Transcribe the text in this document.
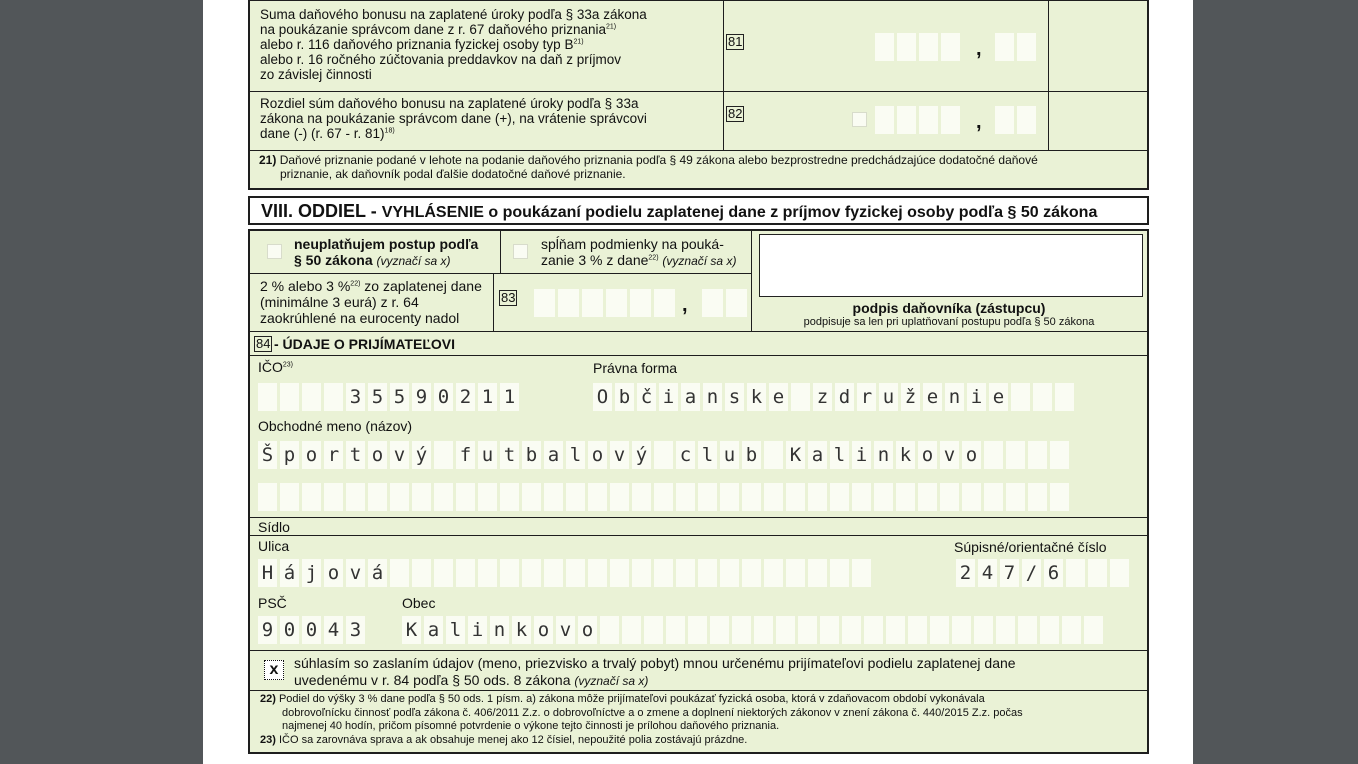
Suma daňového bonusu na zaplatené úroky podľa § 33a zákona
na poukázanie správcom dane z r. 67 daňového priznania$^{21)}$
alebo r. 116 daňového priznania fyzickej osoby typ $B^{21)}$
alebo r. 16 ročného zúčtovania preddavkov na daň z príjmov
zo závislej činnosti
81	,
Rozdiel súm daňového bonusu na zaplatené úroky podľa § 33a
zákona na poukázanie správcom dane (+), na vrátenie správcovi
dane (-) (r. 67 - r. 81)$^{18)}$
82	,
21) Daňové priznanie podané v lehote na podanie daňového priznania podľa § 49 zákona alebo bezprostredne predchádzajúce dodatočné daňové
priznanie, ak daňovník podal ďalšie dodatočné daňové priznanie.
VIII. ODDIEL - VYHLÁSENIE o poukázaní podielu zaplatenej dane z príjmov fyzickej osoby podľa § 50 zákona
neuplatňujem postup podľa
§ 50 zákona (vyznačí sa x)
spĺňam podmienky na pouká-
zanie 3 % z dane$^{22)}$ (vyznačí sa x)
2 % alebo 3 %$^{22)}$ zo zaplatenej dane
(minimálne 3 eurá) z r. 64
zaokrúhlené na eurocenty nadol
83	,	podpis daňovníka (zástupcu)
podpisuje sa len pri uplatňovaní postupu podľa § 50 zákona
84 - ÚDAJE O PRIJÍMATEĽOVI
IČO$^{23)}$	Právna forma
3 5 5 9 0 2 1 1	O b č i a n s k e z d r u ž e n i e
Obchodné meno (názov)
Š p o r t o v ý f u t b a l o v ý c l u b K a l i n k o v o
Sídlo
Ulica	Súpisné/orientačné číslo
H á j o v á	2 4 7 / 6
PSČ	Obec
9 0 0 4 3 K a l i n k o v o
x	súhlasím so zaslaním údajov (meno, priezvisko a trvalý pobyt) mnou určenému prijímateľovi podielu zaplatenej dane
uvedenému v r. 84 podľa § 50 ods. 8 zákona (vyznačí sa x)
22) Podiel do výšky 3 % dane podľa § 50 ods. 1 písm. a) zákona môže prijímateľovi poukázať fyzická osoba, ktorá v zdaňovacom období vykonávala
dobrovoľnícku činnosť podľa zákona č. 406/2011 Z.z. o dobrovoľníctve a o zmene a doplnení niektorých zákonov v znení zákona č. 440/2015 Z.z. počas
najmenej 40 hodín, pričom písomné potvrdenie o výkone tejto činnosti je prílohou daňového priznania.
23) IČO sa zarovnáva sprava a ak obsahuje menej ako 12 čísiel, nepoužité polia zostávajú prázdne.
